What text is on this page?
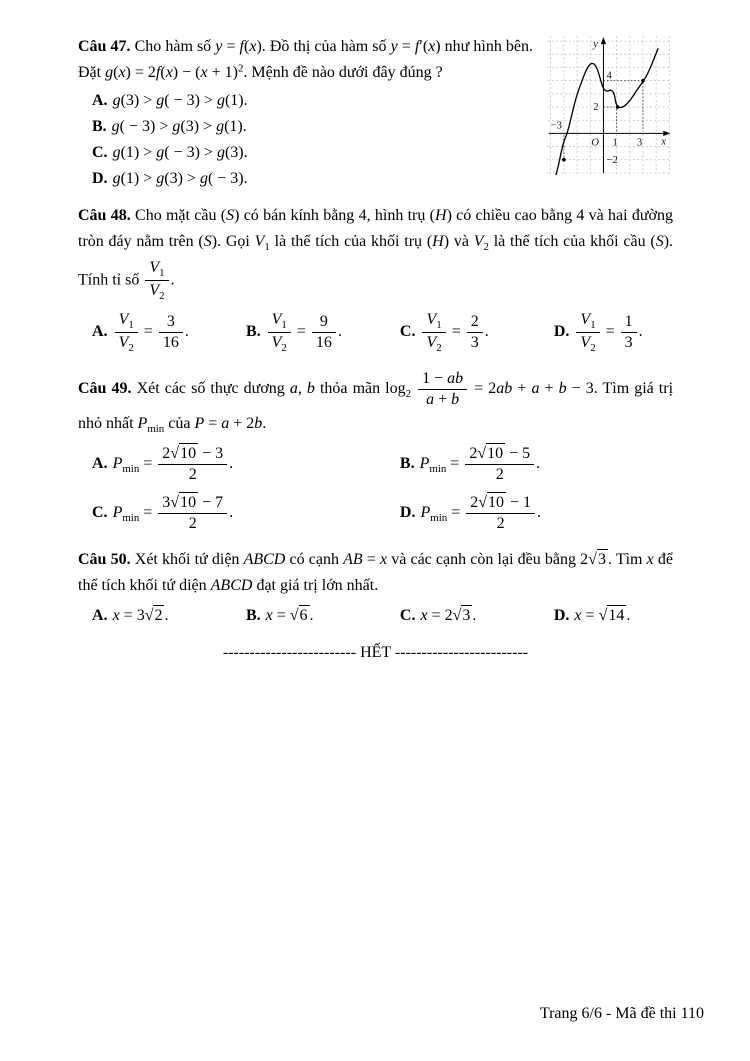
y
x
O
−3
1 3
4
2
−2

Câu 47. Cho hàm số y = f(x). Đồ thị của hàm số y = f′(x) như hình bên. Đặt $g(x) = 2f(x) - (x + 1)^2$. Mệnh đề nào dưới đây đúng ?

A. g(3) > g( − 3) > g(1).
B. g( − 3) > g(3) > g(1).
C. g(1) > g( − 3) > g(3).
D. g(1) > g(3) > g( − 3).

Câu 48. Cho mặt cầu (S) có bán kính bằng 4, hình trụ (H) có chiều cao bằng 4 và hai đường tròn đáy nằm trên (S). Gọi $V_1$ là thể tích của khối trụ (H) và $V_2$ là thể tích của khối cầu (S). Tính tỉ số $\frac{V_1}{V_2}$ .

A. $\frac{V_1}{V_2} = \frac{3}{16}$ .	B. $\frac{V_1}{V_2} = \frac{9}{16}$ .	C. $\frac{V_1}{V_2} = \frac{2}{3}$ .	D. $\frac{V_1}{V_2} = \frac{1}{3}$ .

Câu 49. Xét các số thực dương a, b thỏa mãn $\log_2 \frac{1 - ab}{a + b} = 2ab + a + b - 3$. Tìm giá trị nhỏ nhất $P_{min}$ của P = a + 2b.

A. $P_{min} = \frac{2√10 - 3}{2}$ .	B. $P_{min} = \frac{2√10 - 5}{2}$ .
C. $P_{min} = \frac{3√10 - 7}{2}$ .	D. $P_{min} = \frac{2√10 - 1}{2}$ .

Câu 50. Xét khối tứ diện ABCD có cạnh AB = x và các cạnh còn lại đều bằng 2√3 . Tìm x để thể tích khối tứ diện ABCD đạt giá trị lớn nhất.

A. x = 3√2 .	B. x = √6 .	C. x = 2√3 .	D. x = √14 .
------------------------- HẾT -------------------------
Trang 6/6 - Mã đề thi 110
